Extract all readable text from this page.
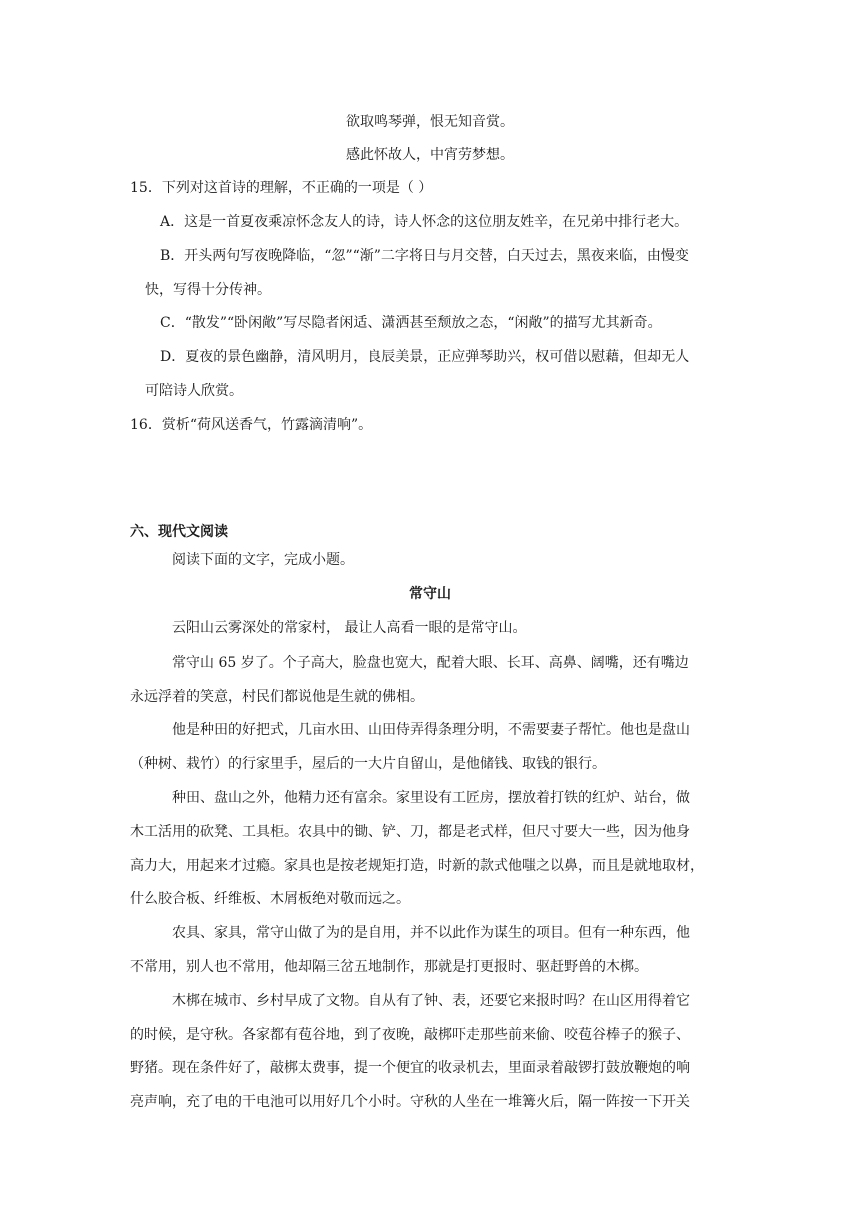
欲取鸣琴弹，恨无知音赏。
感此怀故人，中宵劳梦想。
15．下列对这首诗的理解，不正确的一项是（ ）
A．这是一首夏夜乘凉怀念友人的诗，诗人怀念的这位朋友姓辛，在兄弟中排行老大。
B．开头两句写夜晚降临，“忽”“渐”二字将日与月交替，白天过去，黑夜来临，由慢变
快，写得十分传神。
C．“散发”“卧闲敞”写尽隐者闲适、潇洒甚至颓放之态，“闲敞”的描写尤其新奇。
D．夏夜的景色幽静，清风明月，良辰美景，正应弹琴助兴，权可借以慰藉，但却无人
可陪诗人欣赏。
16．赏析“荷风送香气，竹露滴清响”。
六、现代文阅读
阅读下面的文字，完成小题。
常守山
云阳山云雾深处的常家村， 最让人高看一眼的是常守山。
常守山 65 岁了。个子高大，脸盘也宽大，配着大眼、长耳、高鼻、阔嘴，还有嘴边
永远浮着的笑意，村民们都说他是生就的佛相。
他是种田的好把式，几亩水田、山田侍弄得条理分明，不需要妻子帮忙。他也是盘山
（种树、栽竹）的行家里手，屋后的一大片自留山，是他储钱、取钱的银行。
种田、盘山之外，他精力还有富余。家里设有工匠房，摆放着打铁的红炉、站台，做
木工活用的砍凳、工具柜。农具中的锄、铲、刀，都是老式样，但尺寸要大一些，因为他身
高力大，用起来才过瘾。家具也是按老规矩打造，时新的款式他嗤之以鼻，而且是就地取材，
什么胶合板、纤维板、木屑板绝对敬而远之。
农具、家具，常守山做了为的是自用，并不以此作为谋生的项目。但有一种东西，他
不常用，别人也不常用，他却隔三岔五地制作，那就是打更报时、驱赶野兽的木梆。
木梆在城市、乡村早成了文物。自从有了钟、表，还要它来报时吗？在山区用得着它
的时候，是守秋。各家都有苞谷地，到了夜晚，敲梆吓走那些前来偷、咬苞谷棒子的猴子、
野猪。现在条件好了，敲梆太费事，提一个便宜的收录机去，里面录着敲锣打鼓放鞭炮的响
亮声响，充了电的干电池可以用好几个小时。守秋的人坐在一堆篝火后，隔一阵按一下开关
